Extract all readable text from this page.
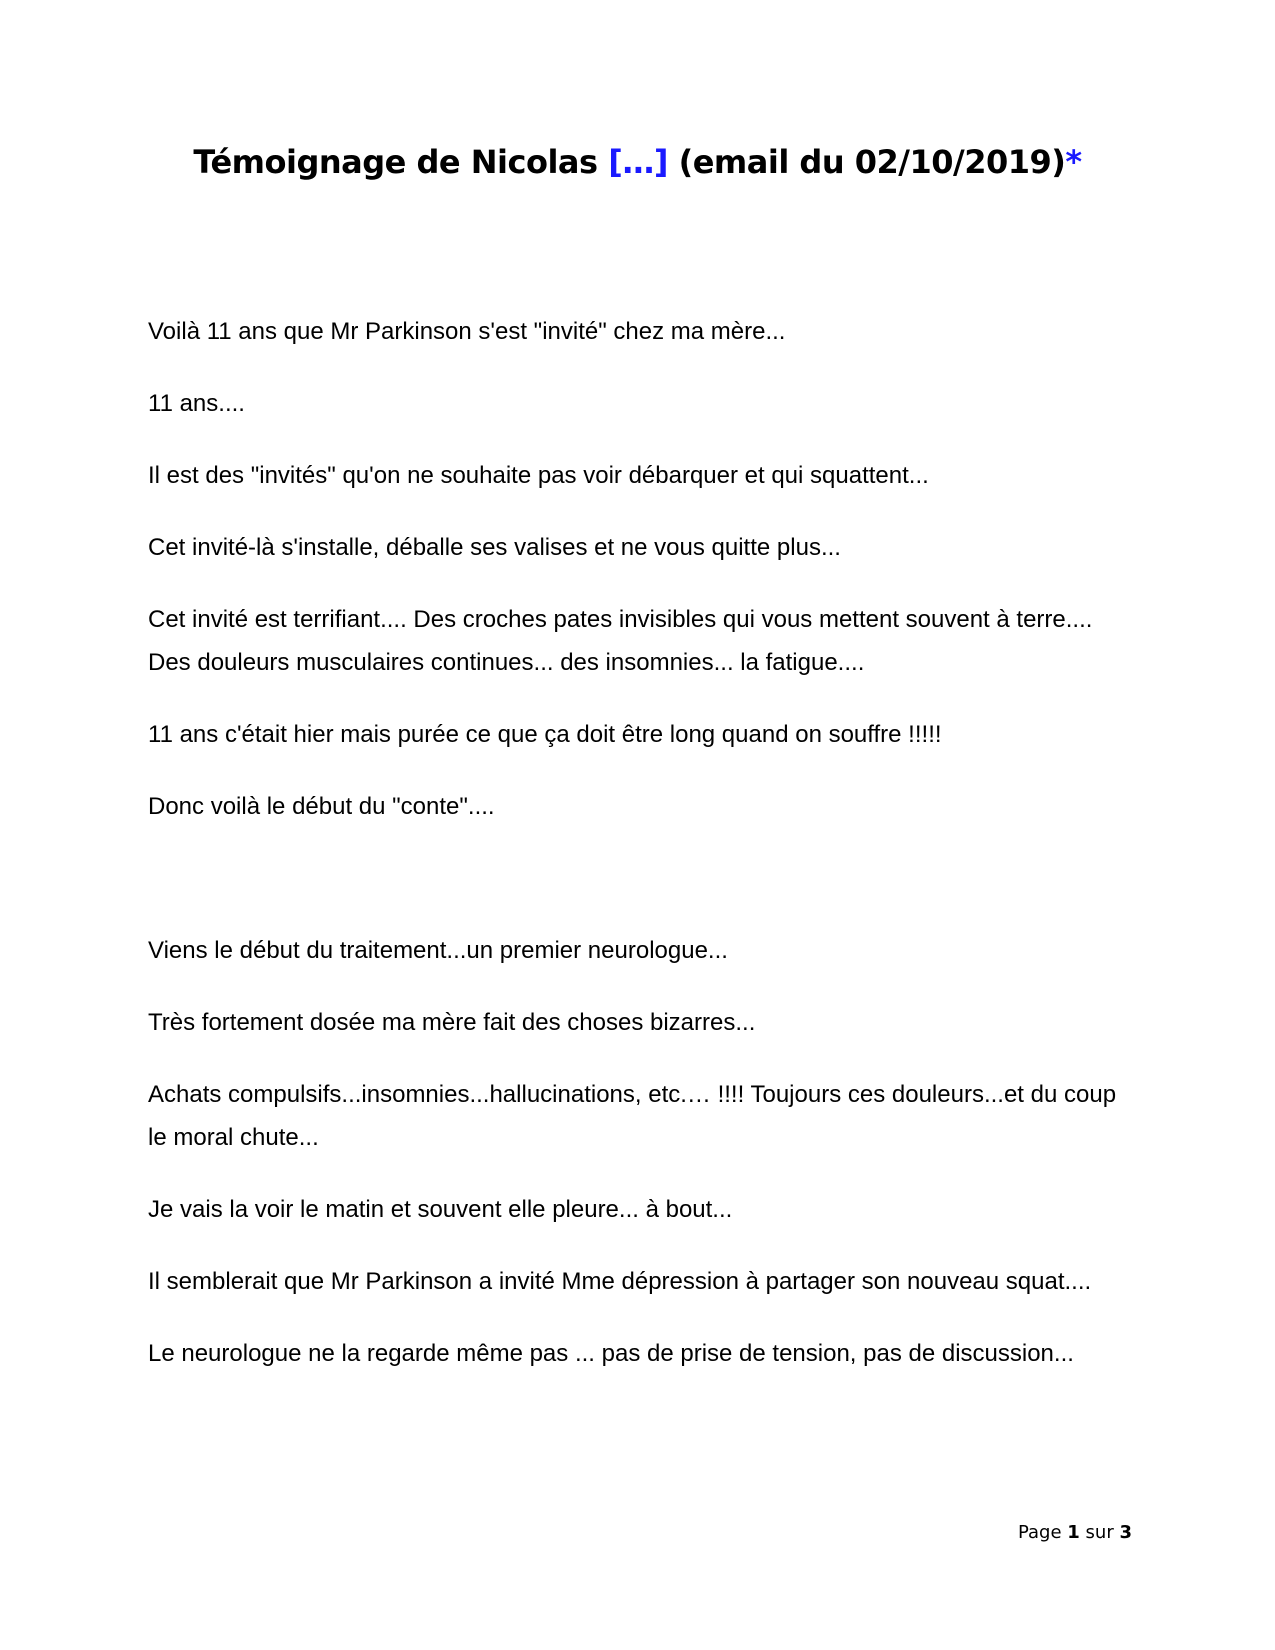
Témoignage de Nicolas […] (email du 02/10/2019)*

Voilà 11 ans que Mr Parkinson s'est "invité" chez ma mère...

11 ans....

Il est des "invités" qu'on ne souhaite pas voir débarquer et qui squattent...

Cet invité-là s'installe, déballe ses valises et ne vous quitte plus...

Cet invité est terrifiant.... Des croches pates invisibles qui vous mettent souvent à terre.... Des douleurs musculaires continues... des insomnies... la fatigue....

11 ans c'était hier mais purée ce que ça doit être long quand on souffre !!!!!

Donc voilà le début du "conte"....

Viens le début du traitement...un premier neurologue...

Très fortement dosée ma mère fait des choses bizarres...

Achats compulsifs...insomnies...hallucinations, etc.… !!!! Toujours ces douleurs...et du coup le moral chute...

Je vais la voir le matin et souvent elle pleure... à bout...

Il semblerait que Mr Parkinson a invité Mme dépression à partager son nouveau squat....

Le neurologue ne la regarde même pas ... pas de prise de tension, pas de discussion...

Page 1 sur 3
